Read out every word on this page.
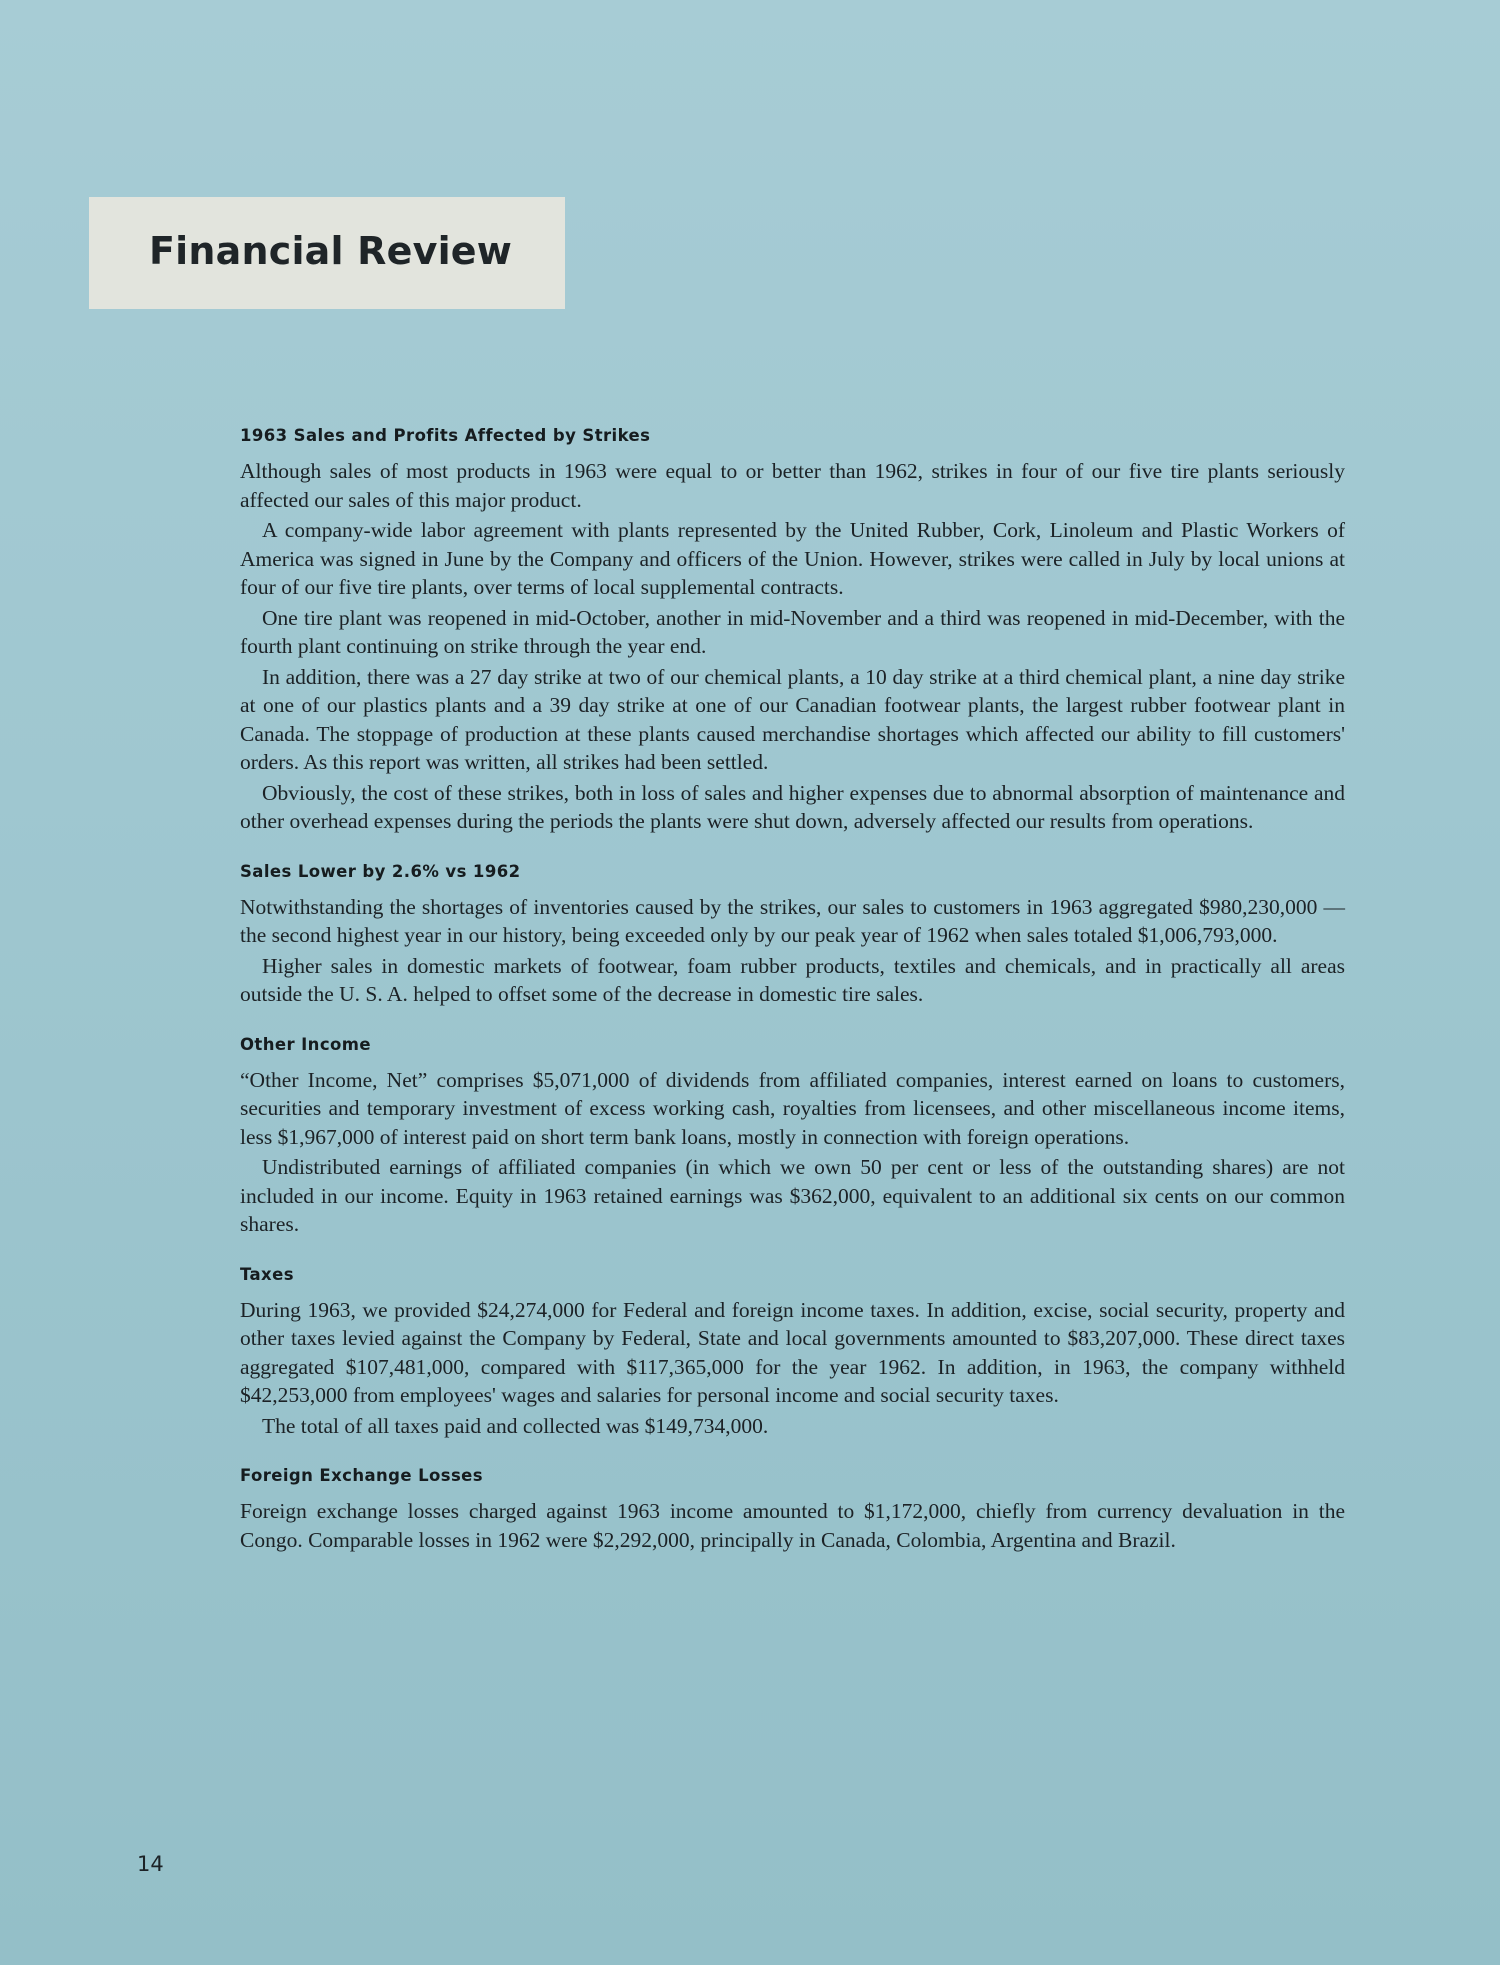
Financial Review
1963 Sales and Profits Affected by Strikes

Although sales of most products in 1963 were equal to or better than 1962, strikes in four of our five tire plants seriously affected our sales of this major product.

A company-wide labor agreement with plants represented by the United Rubber, Cork, Linoleum and Plastic Workers of America was signed in June by the Company and officers of the Union. However, strikes were called in July by local unions at four of our five tire plants, over terms of local supplemental contracts.

One tire plant was reopened in mid-October, another in mid-November and a third was reopened in mid-December, with the fourth plant continuing on strike through the year end.

In addition, there was a 27 day strike at two of our chemical plants, a 10 day strike at a third chemical plant, a nine day strike at one of our plastics plants and a 39 day strike at one of our Canadian footwear plants, the largest rubber footwear plant in Canada. The stoppage of production at these plants caused merchandise shortages which affected our ability to fill customers' orders. As this report was written, all strikes had been settled.

Obviously, the cost of these strikes, both in loss of sales and higher expenses due to abnormal absorption of maintenance and other overhead expenses during the periods the plants were shut down, adversely affected our results from operations.

Sales Lower by 2.6% vs 1962

Notwithstanding the shortages of inventories caused by the strikes, our sales to customers in 1963 aggregated $980,230,000 — the second highest year in our history, being exceeded only by our peak year of 1962 when sales totaled $1,006,793,000.

Higher sales in domestic markets of footwear, foam rubber products, textiles and chemicals, and in practically all areas outside the U. S. A. helped to offset some of the decrease in domestic tire sales.

Other Income

“Other Income, Net” comprises $5,071,000 of dividends from affiliated companies, interest earned on loans to customers, securities and temporary investment of excess working cash, royalties from licensees, and other miscellaneous income items, less $1,967,000 of interest paid on short term bank loans, mostly in connection with foreign operations.

Undistributed earnings of affiliated companies (in which we own 50 per cent or less of the outstanding shares) are not included in our income. Equity in 1963 retained earnings was $362,000, equivalent to an additional six cents on our common shares.

Taxes

During 1963, we provided $24,274,000 for Federal and foreign income taxes. In addition, excise, social security, property and other taxes levied against the Company by Federal, State and local governments amounted to $83,207,000. These direct taxes aggregated $107,481,000, compared with $117,365,000 for the year 1962. In addition, in 1963, the company withheld $42,253,000 from employees' wages and salaries for personal income and social security taxes.

The total of all taxes paid and collected was $149,734,000.

Foreign Exchange Losses

Foreign exchange losses charged against 1963 income amounted to $1,172,000, chiefly from currency devaluation in the Congo. Comparable losses in 1962 were $2,292,000, principally in Canada, Colombia, Argentina and Brazil.

14
